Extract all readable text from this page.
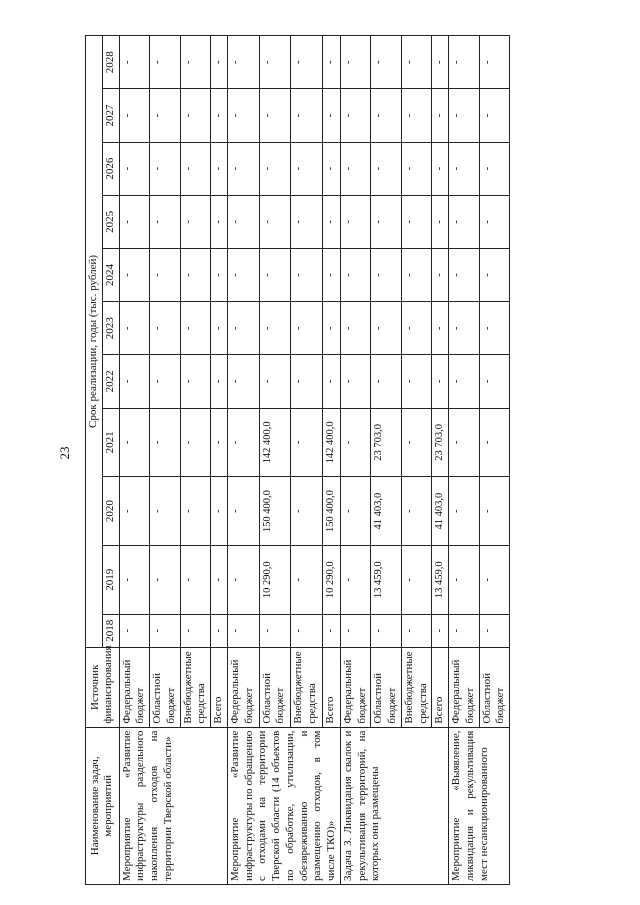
23
Наименование задач, мероприятий	Источник финансирования	Срок реализации, годы (тыс. рублей)										
		2018	2019	2020	2021	2022	2023	2024	2025	2026	2027	2028
Мероприятие «Развитие инфраструктуры раздельного накопления отходов на территории Тверской области»	Федеральный бюджет	-	-	-	-	-	-	-	-	-	-	-
	Областной бюджет	-	-	-	-	-	-	-	-	-	-	-
	Внебюджетные средства	-	-	-	-	-	-	-	-	-	-	-
	Всего	-	-	-	-	-	-	-	-	-	-	-
Мероприятие «Развитие инфраструктуры по обращению с отходами на территории Тверской области (14 объектов по обработке, утилизации, обезвреживанию и размещению отходов, в том числе ТКО)»	Федеральный бюджет	-	-	-	-	-	-	-	-	-	-	-
	Областной бюджет	-	10 290,0	150 400,0	142 400,0	-	-	-	-	-	-	-
	Внебюджетные средства	-	-	-	-	-	-	-	-	-	-	-
	Всего	-	10 290,0	150 400,0	142 400,0	-	-	-	-	-	-	-
Задача 3. Ликвидация свалок и рекультивация территорий, на которых они размещены	Федеральный бюджет	-	-	-	-	-	-	-	-	-	-	-
	Областной бюджет	-	13 459,0	41 403,0	23 703,0	-	-	-	-	-	-	-
	Внебюджетные средства	-	-	-	-	-	-	-	-	-	-	-
	Всего	-	13 459,0	41 403,0	23 703,0	-	-	-	-	-	-	-
Мероприятие «Выявление, ликвидация и рекультивация мест несанкционированного	Федеральный бюджет	-	-	-	-	-	-	-	-	-	-	-
	Областной бюджет	-	-	-	-	-	-	-	-	-	-	-
